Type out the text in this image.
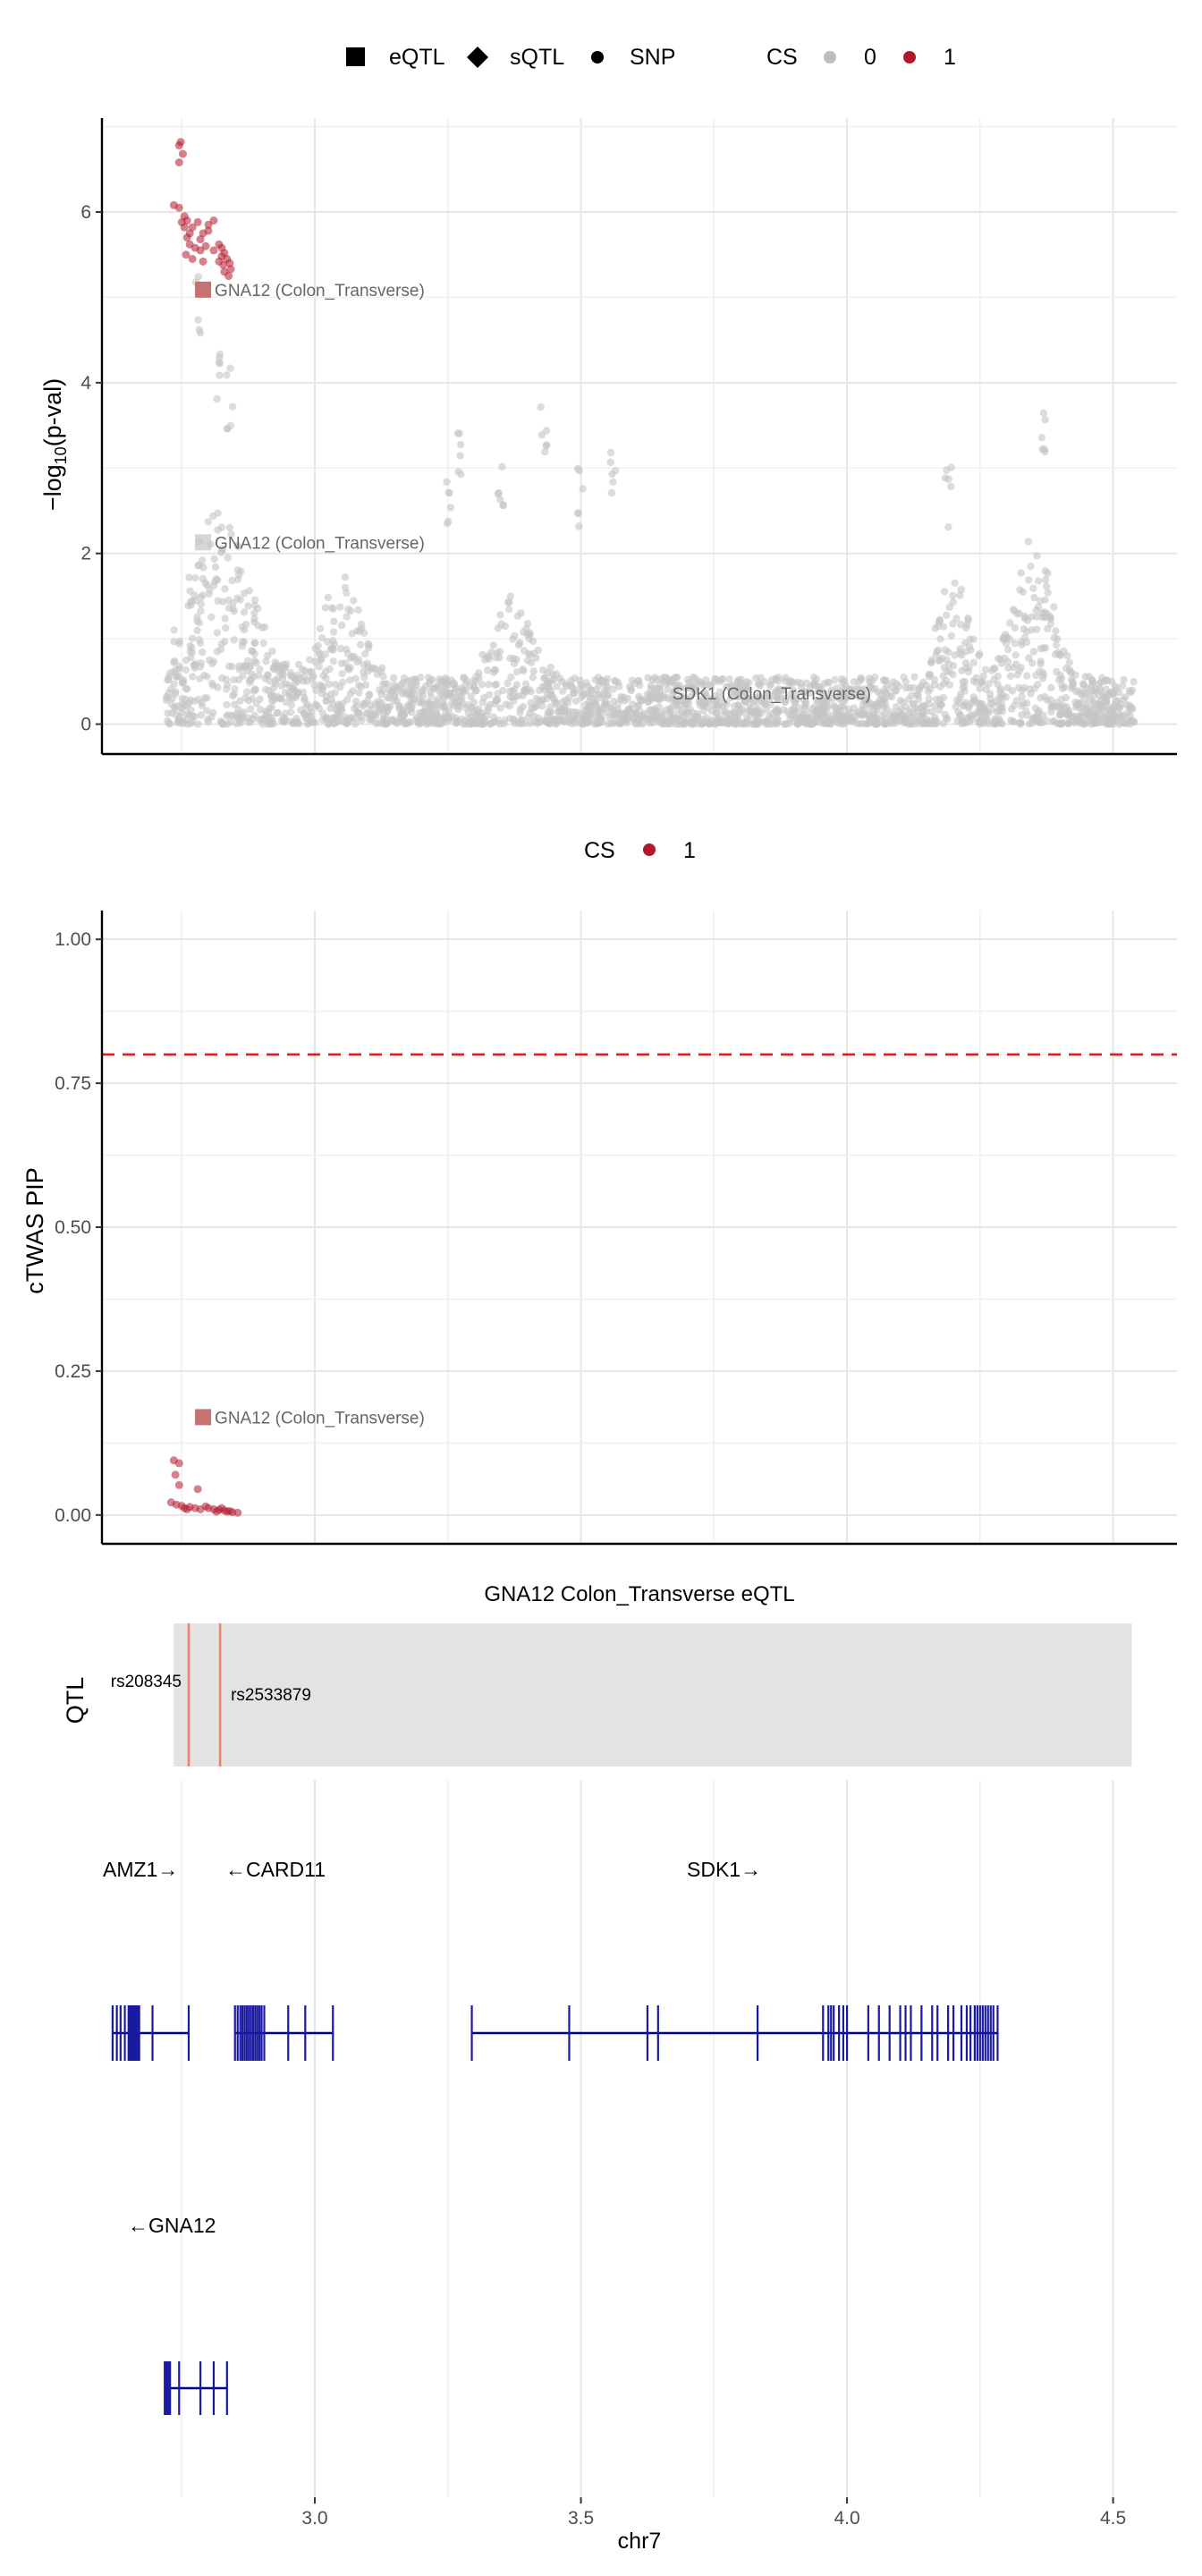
eQTL	sQTL	SNP	CS	0	1
GNA12 (Colon_Transverse)
GNA12 (Colon_Transverse)
SDK1 (Colon_Transverse)
0
2
4
6
$-\log_{10}(p-val)$
CS	1
GNA12 (Colon_Transverse)
0.00
0.25
0.50
0.75
1.00
cTWAS PIP
GNA12 Colon_Transverse eQTL
QTL rs208345
rs2533879
AMZ1→ ←CARD11	SDK1→
←GNA12
3.0	3.5	4.0	4.5
chr7
